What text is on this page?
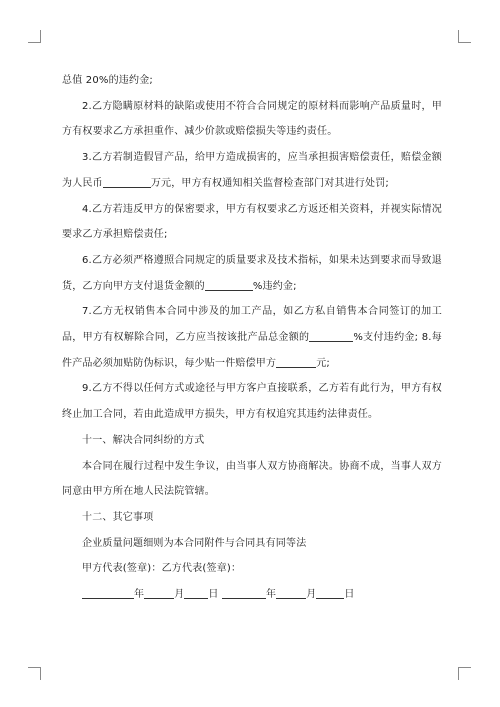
总值 20%的违约金;

2.乙方隐瞒原材料的缺陷或使用不符合合同规定的原材料而影响产品质量时，甲方有权要求乙方承担重作、减少价款或赔偿损失等违约责任。

3.乙方若制造假冒产品，给甲方造成损害的，应当承担损害赔偿责任，赔偿金额为人民币	万元，甲方有权通知相关监督检查部门对其进行处罚;

4.乙方若违反甲方的保密要求，甲方有权要求乙方返还相关资料，并视实际情况要求乙方承担赔偿责任;

6.乙方必须严格遵照合同规定的质量要求及技术指标，如果未达到要求而导致退货，乙方向甲方支付退货金额的	%违约金;

7.乙方无权销售本合同中涉及的加工产品，如乙方私自销售本合同签订的加工品，甲方有权解除合同，乙方应当按该批产品总金额的	%支付违约金; 8.每件产品必须加贴防伪标识，每少贴一件赔偿甲方	元;

9.乙方不得以任何方式或途径与甲方客户直接联系，乙方若有此行为，甲方有权终止加工合同，若由此造成甲方损失，甲方有权追究其违约法律责任。

十一、解决合同纠纷的方式

本合同在履行过程中发生争议，由当事人双方协商解决。协商不成，当事人双方同意由甲方所在地人民法院管辖。

十二、其它事项

企业质量问题细则为本合同附件与合同具有同等法

甲方代表(签章)：乙方代表(签章)：

年	月 日	年	月	日
